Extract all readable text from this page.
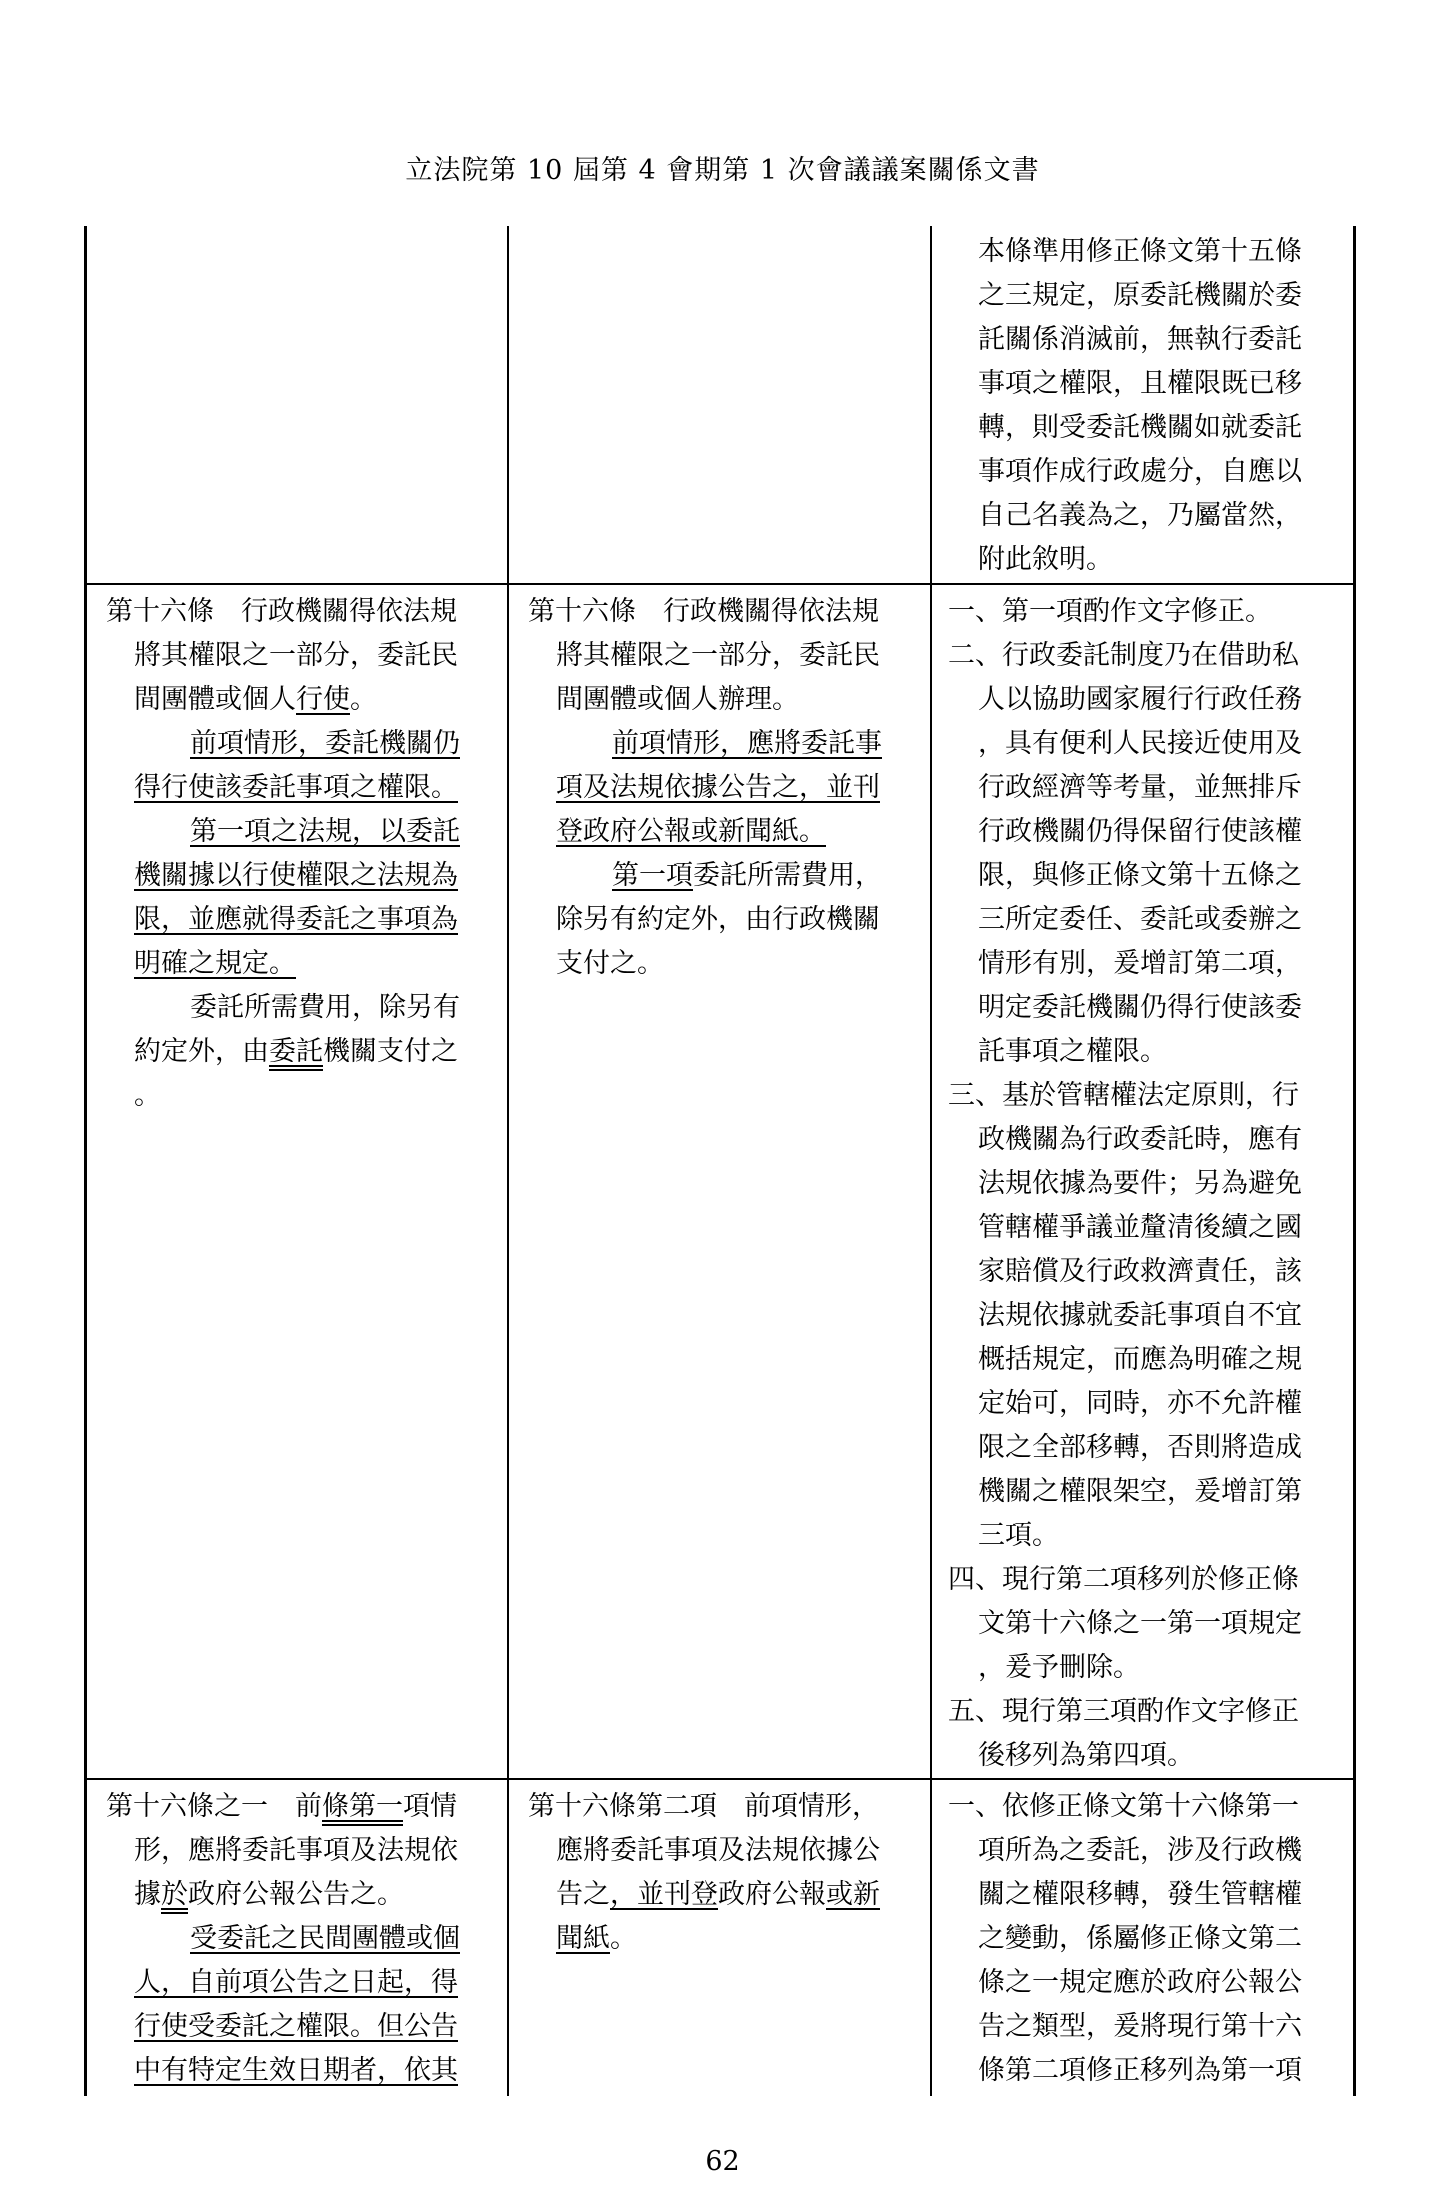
立法院第 10 屆第 4 會期第 1 次會議議案關係文書
本條準用修正條文第十五條
之三規定，原委託機關於委
託關係消滅前，無執行委託
事項之權限，且權限既已移
轉，則受委託機關如就委託
事項作成行政處分，自應以
自己名義為之，乃屬當然，
附此敘明。
第十六條　行政機關得依法規
將其權限之一部分，委託民
間團體或個人行使。
前項情形，委託機關仍
得行使該委託事項之權限。
第一項之法規，以委託
機關據以行使權限之法規為
限，並應就得委託之事項為
明確之規定。
委託所需費用，除另有
約定外，由委託機關支付之
。
第十六條　行政機關得依法規
將其權限之一部分，委託民
間團體或個人辦理。
前項情形，應將委託事
項及法規依據公告之，並刊
登政府公報或新聞紙。
第一項委託所需費用，
除另有約定外，由行政機關
支付之。
一、第一項酌作文字修正。
二、行政委託制度乃在借助私
人以協助國家履行行政任務
，具有便利人民接近使用及
行政經濟等考量，並無排斥
行政機關仍得保留行使該權
限，與修正條文第十五條之
三所定委任、委託或委辦之
情形有別，爰增訂第二項，
明定委託機關仍得行使該委
託事項之權限。
三、基於管轄權法定原則，行
政機關為行政委託時，應有
法規依據為要件；另為避免
管轄權爭議並釐清後續之國
家賠償及行政救濟責任，該
法規依據就委託事項自不宜
概括規定，而應為明確之規
定始可，同時，亦不允許權
限之全部移轉，否則將造成
機關之權限架空，爰增訂第
三項。
四、現行第二項移列於修正條
文第十六條之一第一項規定
，爰予刪除。
五、現行第三項酌作文字修正
後移列為第四項。
第十六條之一　前條第一項情
形，應將委託事項及法規依
據於政府公報公告之。
受委託之民間團體或個
人，自前項公告之日起，得
行使受委託之權限。但公告
中有特定生效日期者，依其
第十六條第二項　前項情形，
應將委託事項及法規依據公
告之，並刊登政府公報或新
聞紙。
一、依修正條文第十六條第一
項所為之委託，涉及行政機
關之權限移轉，發生管轄權
之變動，係屬修正條文第二
條之一規定應於政府公報公
告之類型，爰將現行第十六
條第二項修正移列為第一項
62
